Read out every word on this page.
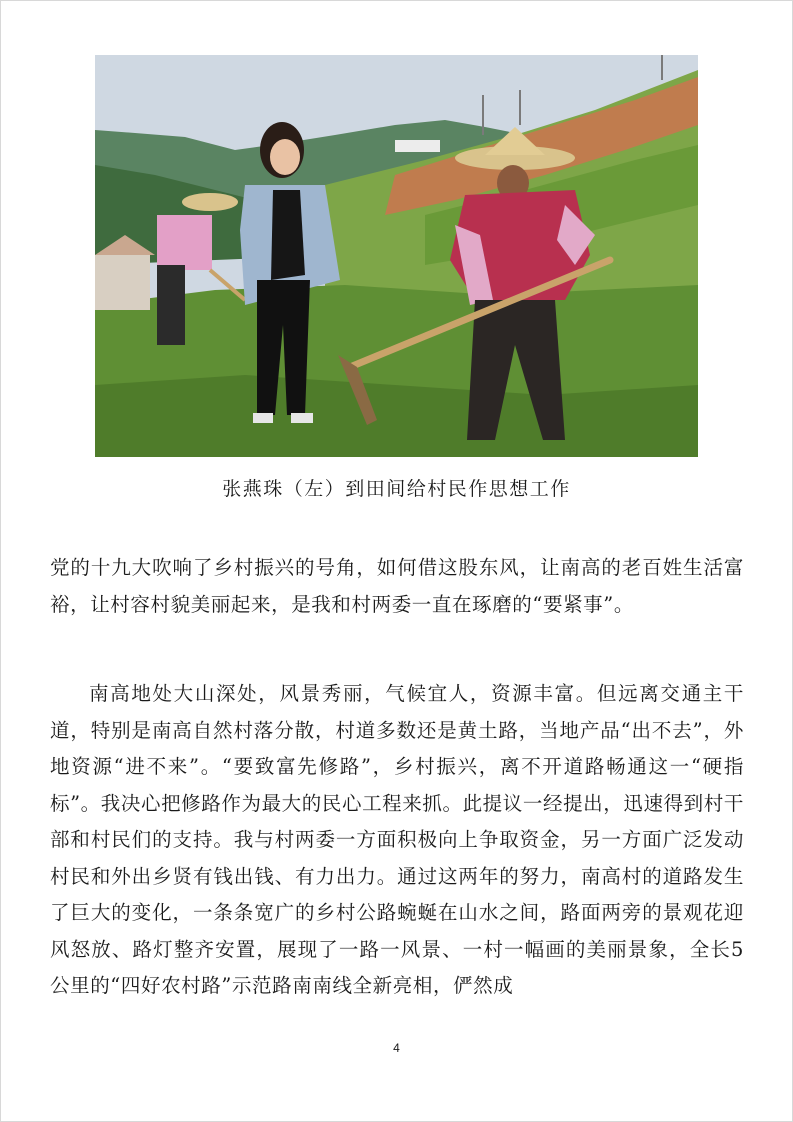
张燕珠（左）到田间给村民作思想工作

党的十九大吹响了乡村振兴的号角，如何借这股东风，让南高的老百姓生活富裕，让村容村貌美丽起来，是我和村两委一直在琢磨的“要紧事”。

南高地处大山深处，风景秀丽，气候宜人，资源丰富。但远离交通主干道，特别是南高自然村落分散，村道多数还是黄土路，当地产品“出不去”，外地资源“进不来”。“要致富先修路”，乡村振兴，离不开道路畅通这一“硬指标”。我决心把修路作为最大的民心工程来抓。此提议一经提出，迅速得到村干部和村民们的支持。我与村两委一方面积极向上争取资金，另一方面广泛发动村民和外出乡贤有钱出钱、有力出力。通过这两年的努力，南高村的道路发生了巨大的变化，一条条宽广的乡村公路蜿蜒在山水之间，路面两旁的景观花迎风怒放、路灯整齐安置，展现了一路一风景、一村一幅画的美丽景象，全长5公里的“四好农村路”示范路南南线全新亮相，俨然成

4
